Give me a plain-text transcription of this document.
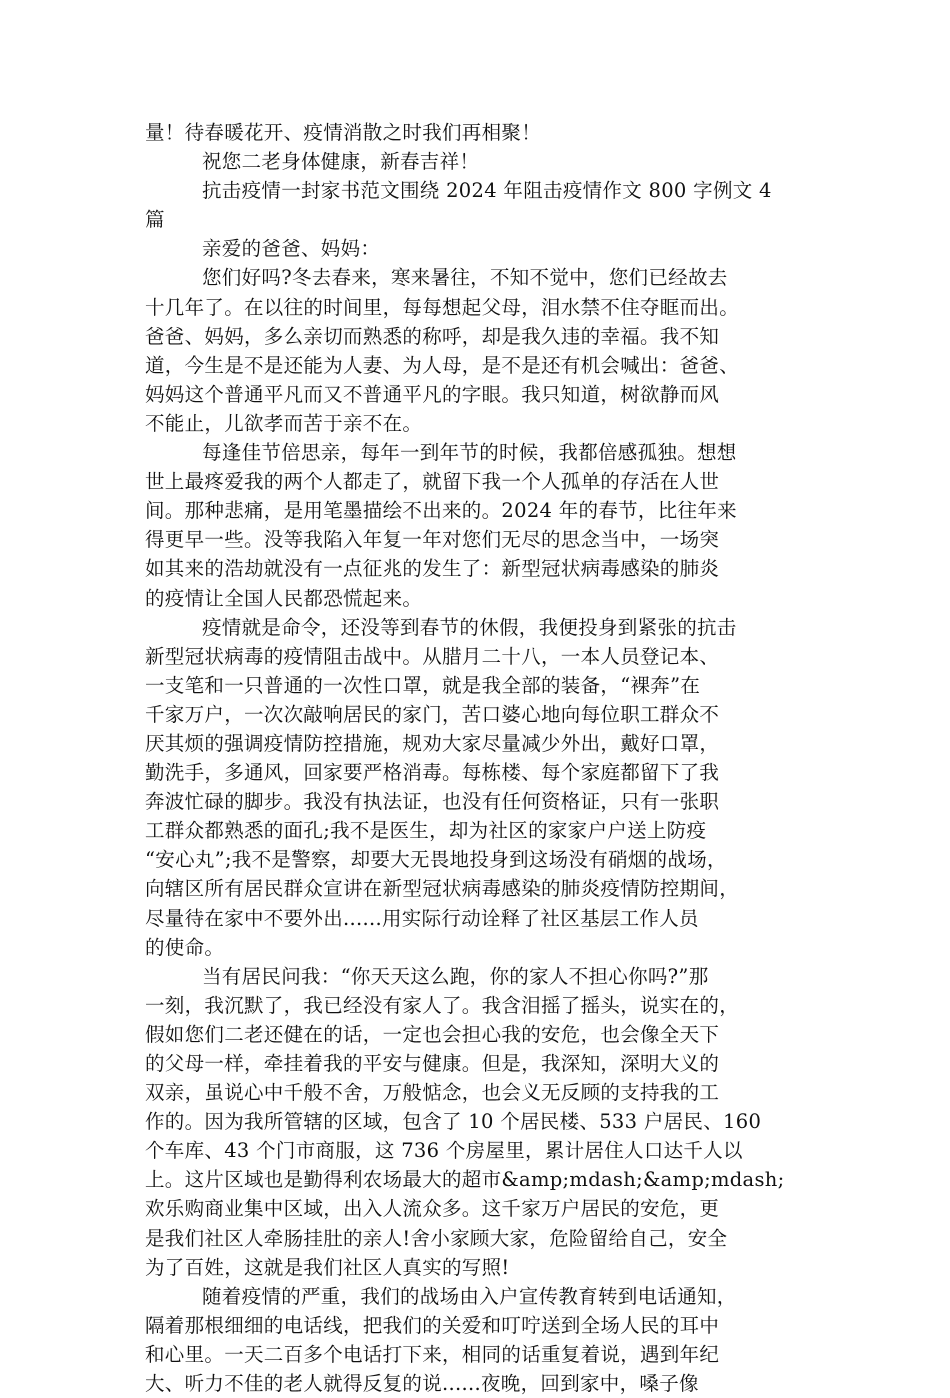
量！待春暖花开、疫情消散之时我们再相聚！
祝您二老身体健康，新春吉祥！
抗击疫情一封家书范文围绕 2024 年阻击疫情作文 800 字例文 4
篇
亲爱的爸爸、妈妈：
您们好吗?冬去春来，寒来暑往，不知不觉中，您们已经故去
十几年了。在以往的时间里，每每想起父母，泪水禁不住夺眶而出。
爸爸、妈妈，多么亲切而熟悉的称呼，却是我久违的幸福。我不知
道，今生是不是还能为人妻、为人母，是不是还有机会喊出：爸爸、
妈妈这个普通平凡而又不普通平凡的字眼。我只知道，树欲静而风
不能止，儿欲孝而苦于亲不在。
每逢佳节倍思亲，每年一到年节的时候，我都倍感孤独。想想
世上最疼爱我的两个人都走了，就留下我一个人孤单的存活在人世
间。那种悲痛，是用笔墨描绘不出来的。2024 年的春节，比往年来
得更早一些。没等我陷入年复一年对您们无尽的思念当中，一场突
如其来的浩劫就没有一点征兆的发生了：新型冠状病毒感染的肺炎
的疫情让全国人民都恐慌起来。
疫情就是命令，还没等到春节的休假，我便投身到紧张的抗击
新型冠状病毒的疫情阻击战中。从腊月二十八，一本人员登记本、
一支笔和一只普通的一次性口罩，就是我全部的装备，“裸奔”在
千家万户，一次次敲响居民的家门，苦口婆心地向每位职工群众不
厌其烦的强调疫情防控措施，规劝大家尽量减少外出，戴好口罩，
勤洗手，多通风，回家要严格消毒。每栋楼、每个家庭都留下了我
奔波忙碌的脚步。我没有执法证，也没有任何资格证，只有一张职
工群众都熟悉的面孔;我不是医生，却为社区的家家户户送上防疫
“安心丸”;我不是警察，却要大无畏地投身到这场没有硝烟的战场，
向辖区所有居民群众宣讲在新型冠状病毒感染的肺炎疫情防控期间，
尽量待在家中不要外出......用实际行动诠释了社区基层工作人员
的使命。
当有居民问我：“你天天这么跑，你的家人不担心你吗?”那
一刻，我沉默了，我已经没有家人了。我含泪摇了摇头，说实在的，
假如您们二老还健在的话，一定也会担心我的安危，也会像全天下
的父母一样，牵挂着我的平安与健康。但是，我深知，深明大义的
双亲，虽说心中千般不舍，万般惦念，也会义无反顾的支持我的工
作的。因为我所管辖的区域，包含了 10 个居民楼、533 户居民、160
个车库、43 个门市商服，这 736 个房屋里，累计居住人口达千人以
上。这片区域也是勤得利农场最大的超市&amp;mdash;&amp;mdash;
欢乐购商业集中区域，出入人流众多。这千家万户居民的安危，更
是我们社区人牵肠挂肚的亲人!舍小家顾大家，危险留给自己，安全
为了百姓，这就是我们社区人真实的写照!
随着疫情的严重，我们的战场由入户宣传教育转到电话通知，
隔着那根细细的电话线，把我们的关爱和叮咛送到全场人民的耳中
和心里。一天二百多个电话打下来，相同的话重复着说，遇到年纪
大、听力不佳的老人就得反复的说......夜晚，回到家中，嗓子像
